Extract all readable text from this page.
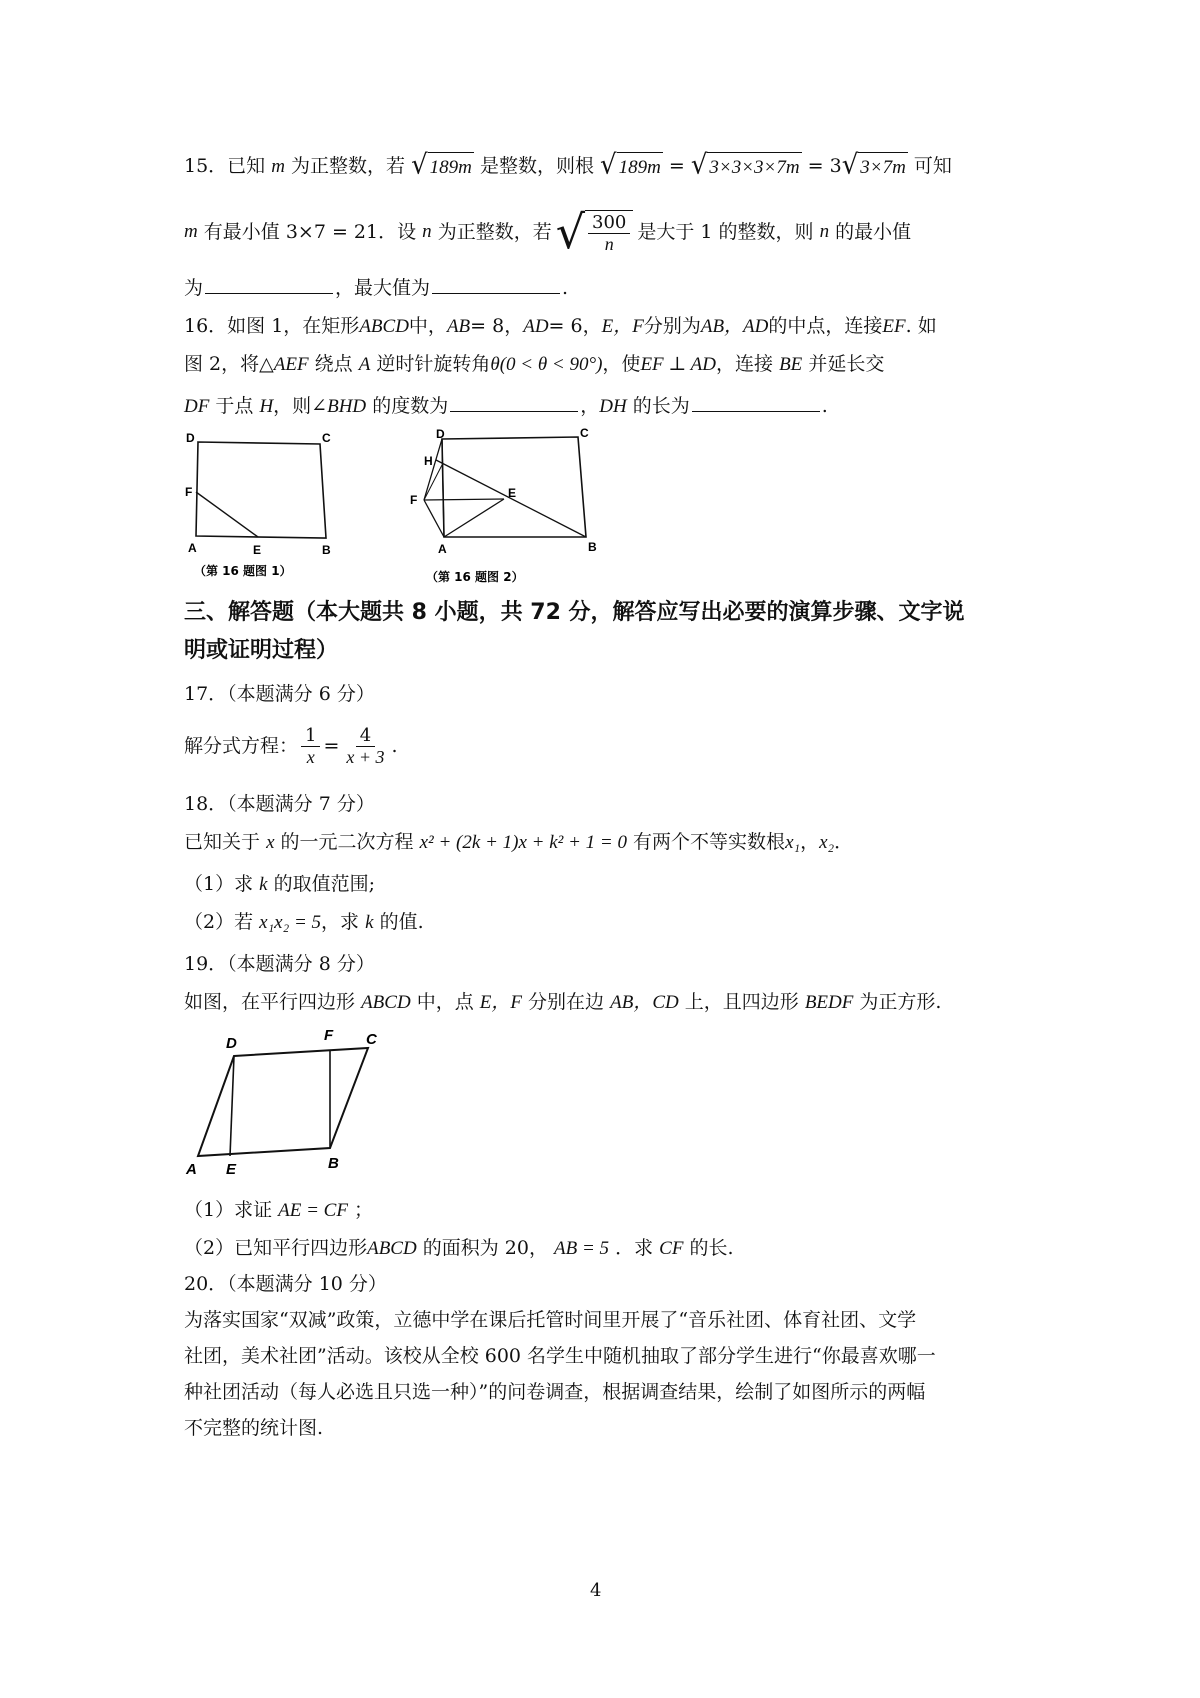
15．已知 m 为正整数，若 √ 189m 是整数，则根 √ 189m = √ 3×3×3×7m = 3 √ 3×7m 可知
m
有最小值 3×7 = 21．设
n
为正整数，若 √ $\frac{300}{n}$ 是大于 1 的整数，则
n
的最小值
为	，最大值为	.
16．如图 1，在矩形ABCD中，AB= 8，AD= 6，E，F分别为AB，AD的中点，连接EF. 如
图 2，将△AEF 绕点 A 逆时针旋转角θ(0 < θ < 90°)，使EF ⊥ AD，连接 BE 并延长交
DF 于点 H，则∠BHD 的度数为	，DH 的长为	.
D	C
F
A	E	B
（第 16 题图 1）
D	C
H
F	E
A	B
（第 16 题图 2）
三、解答题（本大题共 8 小题，共 72 分，解答应写出必要的演算步骤、文字说
明或证明过程）
17．（本题满分 6 分）
解分式方程： $\frac{1}{x} = \frac{4}{x + 3}$ .
18．（本题满分 7 分）
已知关于 x 的一元二次方程 x² + (2k + 1)x + k² + 1 = 0 有两个不等实数根x₁，x₂．
（1）求 k 的取值范围;
（2）若 x₁x₂ = 5，求 k 的值.
19．（本题满分 8 分）
如图，在平行四边形 ABCD 中，点 E，F 分别在边 AB，CD 上，且四边形 BEDF 为正方形.
D	F C
A E	B
（1）求证 AE = CF ；
（2）已知平行四边形ABCD 的面积为 20， AB = 5 ．求 CF 的长.
20．（本题满分 10 分）
为落实国家“双减”政策，立德中学在课后托管时间里开展了“音乐社团、体育社团、文学
社团，美术社团”活动。该校从全校 600 名学生中随机抽取了部分学生进行“你最喜欢哪一
种社团活动（每人必选且只选一种）”的问卷调查，根据调查结果，绘制了如图所示的两幅
不完整的统计图.
4
